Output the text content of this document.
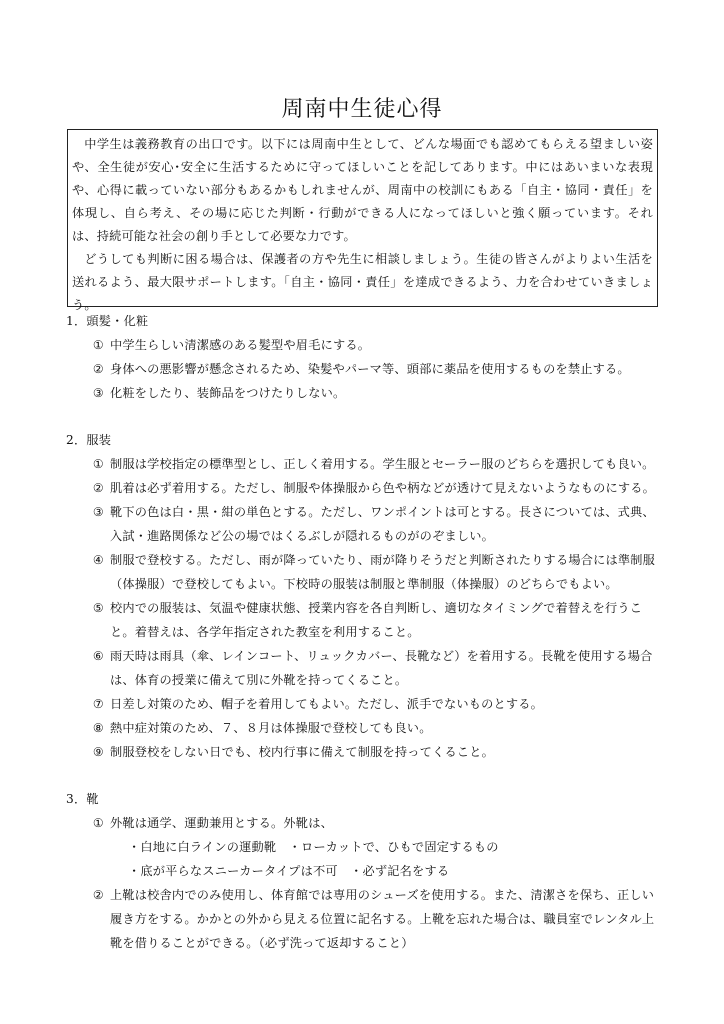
周南中生徒心得

中学生は義務教育の出口です。以下には周南中生として、どんな場面でも認めてもらえる望ましい姿や、全生徒が安心･安全に生活するために守ってほしいことを記してあります。中にはあいまいな表現や、心得に載っていない部分もあるかもしれませんが、周南中の校訓にもある「自主・協同・責任」を体現し、自ら考え、その場に応じた判断・行動ができる人になってほしいと強く願っています。それは、持続可能な社会の創り手として必要な力です。

どうしても判断に困る場合は、保護者の方や先生に相談しましょう。生徒の皆さんがよりよい生活を送れるよう、最大限サポートします。「自主・協同・責任」を達成できるよう、力を合わせていきましょう。

1．頭髪・化粧
① 中学生らしい清潔感のある髪型や眉毛にする。
② 身体への悪影響が懸念されるため、染髪やパーマ等、頭部に薬品を使用するものを禁止する。
③ 化粧をしたり、装飾品をつけたりしない。
2．服装
① 制服は学校指定の標準型とし、正しく着用する。学生服とセーラー服のどちらを選択しても良い。
② 肌着は必ず着用する。ただし、制服や体操服から色や柄などが透けて見えないようなものにする。
③ 靴下の色は白・黒・紺の単色とする。ただし、ワンポイントは可とする。長さについては、式典、入試・進路関係など公の場ではくるぶしが隠れるものがのぞましい。
④ 制服で登校する。ただし、雨が降っていたり、雨が降りそうだと判断されたりする場合には準制服（体操服）で登校してもよい。下校時の服装は制服と準制服（体操服）のどちらでもよい。
⑤ 校内での服装は、気温や健康状態、授業内容を各自判断し、適切なタイミングで着替えを行うこと。着替えは、各学年指定された教室を利用すること。
⑥ 雨天時は雨具（傘、レインコート、リュックカバー、長靴など）を着用する。長靴を使用する場合は、体育の授業に備えて別に外靴を持ってくること。
⑦ 日差し対策のため、帽子を着用してもよい。ただし、派手でないものとする。
⑧ 熱中症対策のため、７、８月は体操服で登校しても良い。
⑨ 制服登校をしない日でも、校内行事に備えて制服を持ってくること。
3．靴
① 外靴は通学、運動兼用とする。外靴は、
・白地に白ラインの運動靴　・ローカットで、ひもで固定するもの
・底が平らなスニーカータイプは不可　・必ず記名をする
② 上靴は校舎内でのみ使用し、体育館では専用のシューズを使用する。また、清潔さを保ち、正しい履き方をする。かかとの外から見える位置に記名する。上靴を忘れた場合は、職員室でレンタル上靴を借りることができる。（必ず洗って返却すること）
